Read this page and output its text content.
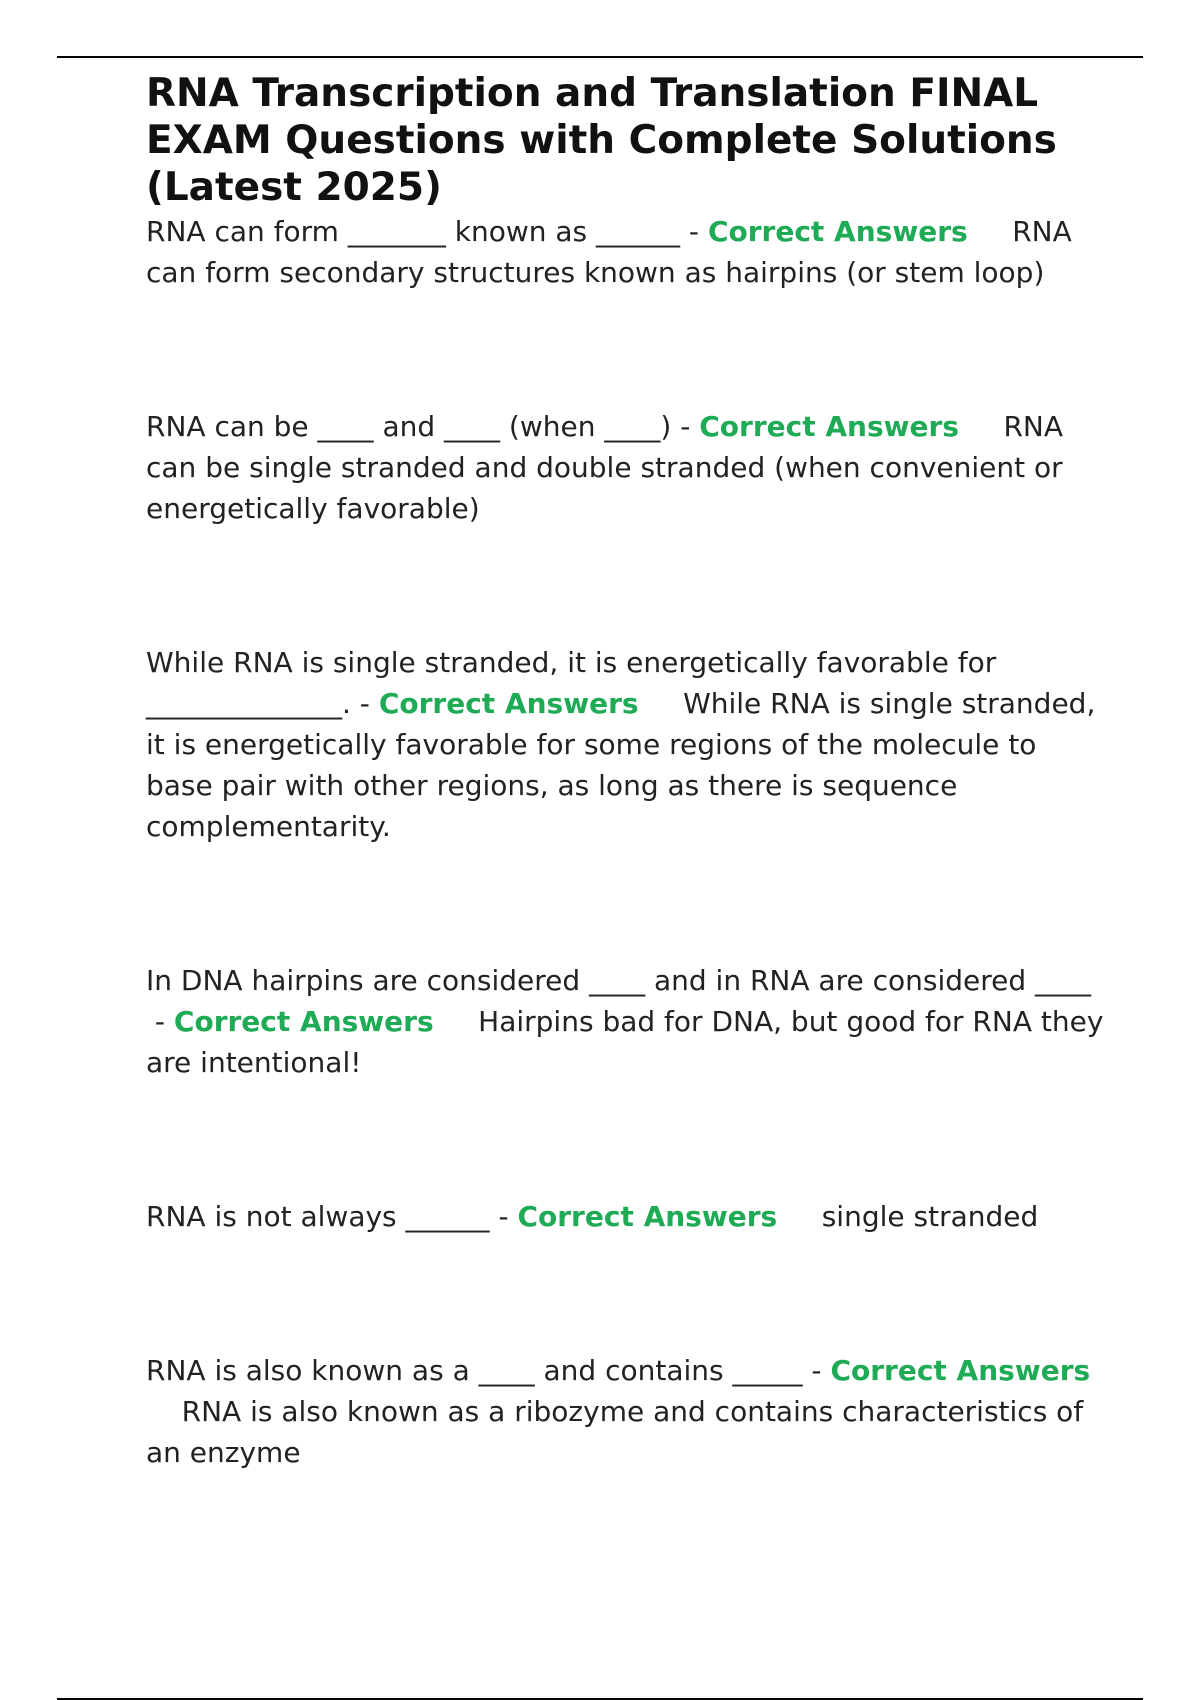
RNA Transcription and Translation FINAL EXAM Questions with Complete Solutions (Latest 2025)

RNA can form _______ known as ______ - Correct Answers RNA can form secondary structures known as hairpins (or stem loop)

RNA can be ____ and ____ (when ____) - Correct Answers RNA can be single stranded and double stranded (when convenient or energetically favorable)

While RNA is single stranded, it is energetically favorable for ______________. - Correct Answers While RNA is single stranded, it is energetically favorable for some regions of the molecule to base pair with other regions, as long as there is sequence complementarity.

In DNA hairpins are considered ____ and in RNA are considered ____ - Correct Answers Hairpins bad for DNA, but good for RNA they are intentional!

RNA is not always ______ - Correct Answers single stranded

RNA is also known as a ____ and contains _____ - Correct Answers     RNA is also known as a ribozyme and contains characteristics of an enzyme
